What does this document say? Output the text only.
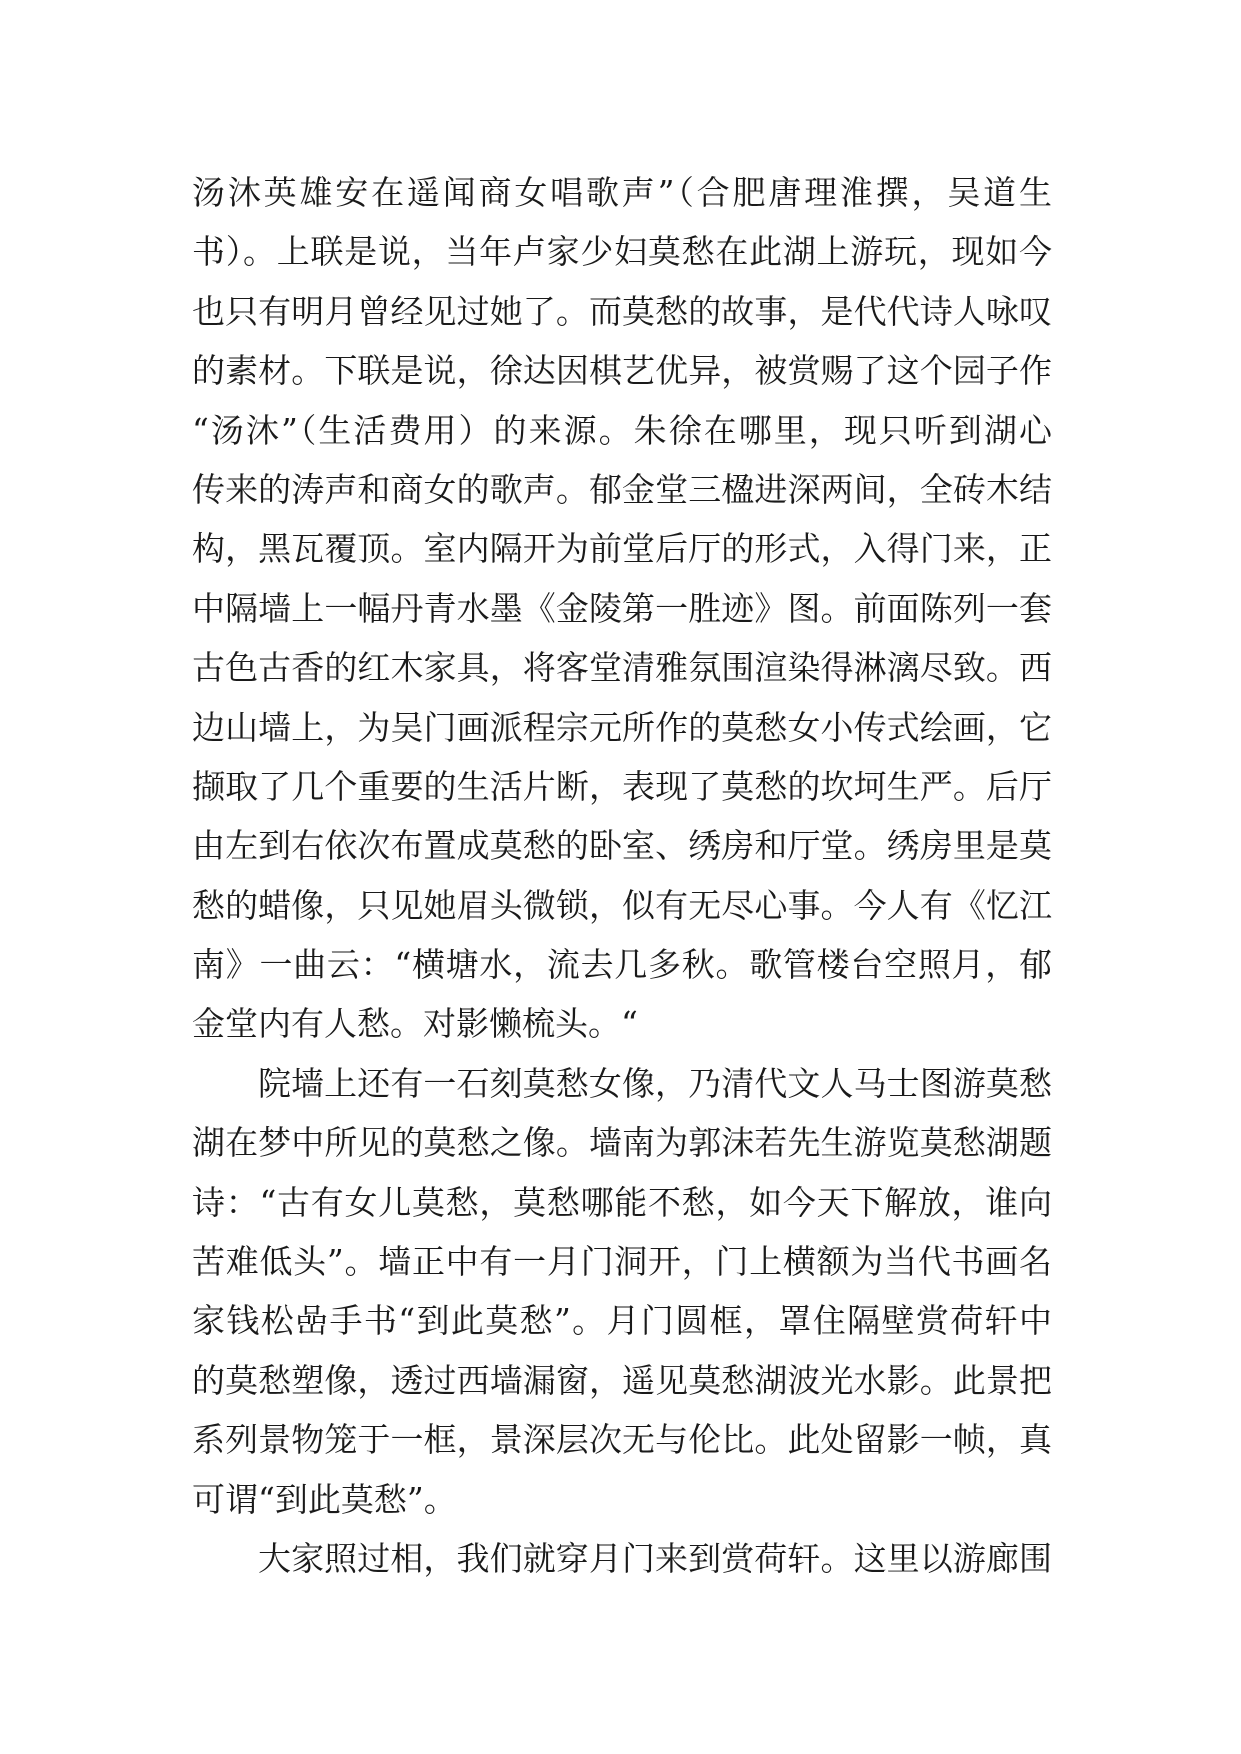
汤沐英雄安在遥闻商女唱歌声”（合肥唐理淮撰，吴道生
书）。上联是说，当年卢家少妇莫愁在此湖上游玩，现如今
也只有明月曾经见过她了。而莫愁的故事，是代代诗人咏叹
的素材。下联是说，徐达因棋艺优异，被赏赐了这个园子作
“汤沐”（生活费用）的来源。朱徐在哪里，现只听到湖心
传来的涛声和商女的歌声。郁金堂三楹进深两间，全砖木结
构，黑瓦覆顶。室内隔开为前堂后厅的形式，入得门来，正
中隔墙上一幅丹青水墨《金陵第一胜迹》图。前面陈列一套
古色古香的红木家具，将客堂清雅氛围渲染得淋漓尽致。西
边山墙上，为吴门画派程宗元所作的莫愁女小传式绘画，它
撷取了几个重要的生活片断，表现了莫愁的坎坷生严。后厅
由左到右依次布置成莫愁的卧室、绣房和厅堂。绣房里是莫
愁的蜡像，只见她眉头微锁，似有无尽心事。今人有《忆江
南》一曲云：“横塘水，流去几多秋。歌管楼台空照月，郁
金堂内有人愁。对影懒梳头。“
院墙上还有一石刻莫愁女像，乃清代文人马士图游莫愁
湖在梦中所见的莫愁之像。墙南为郭沫若先生游览莫愁湖题
诗：“古有女儿莫愁，莫愁哪能不愁，如今天下解放，谁向
苦难低头”。墙正中有一月门洞开，门上横额为当代书画名
家钱松嵒手书“到此莫愁”。月门圆框，罩住隔壁赏荷轩中
的莫愁塑像，透过西墙漏窗，遥见莫愁湖波光水影。此景把
系列景物笼于一框，景深层次无与伦比。此处留影一帧，真
可谓“到此莫愁”。
大家照过相，我们就穿月门来到赏荷轩。这里以游廊围
